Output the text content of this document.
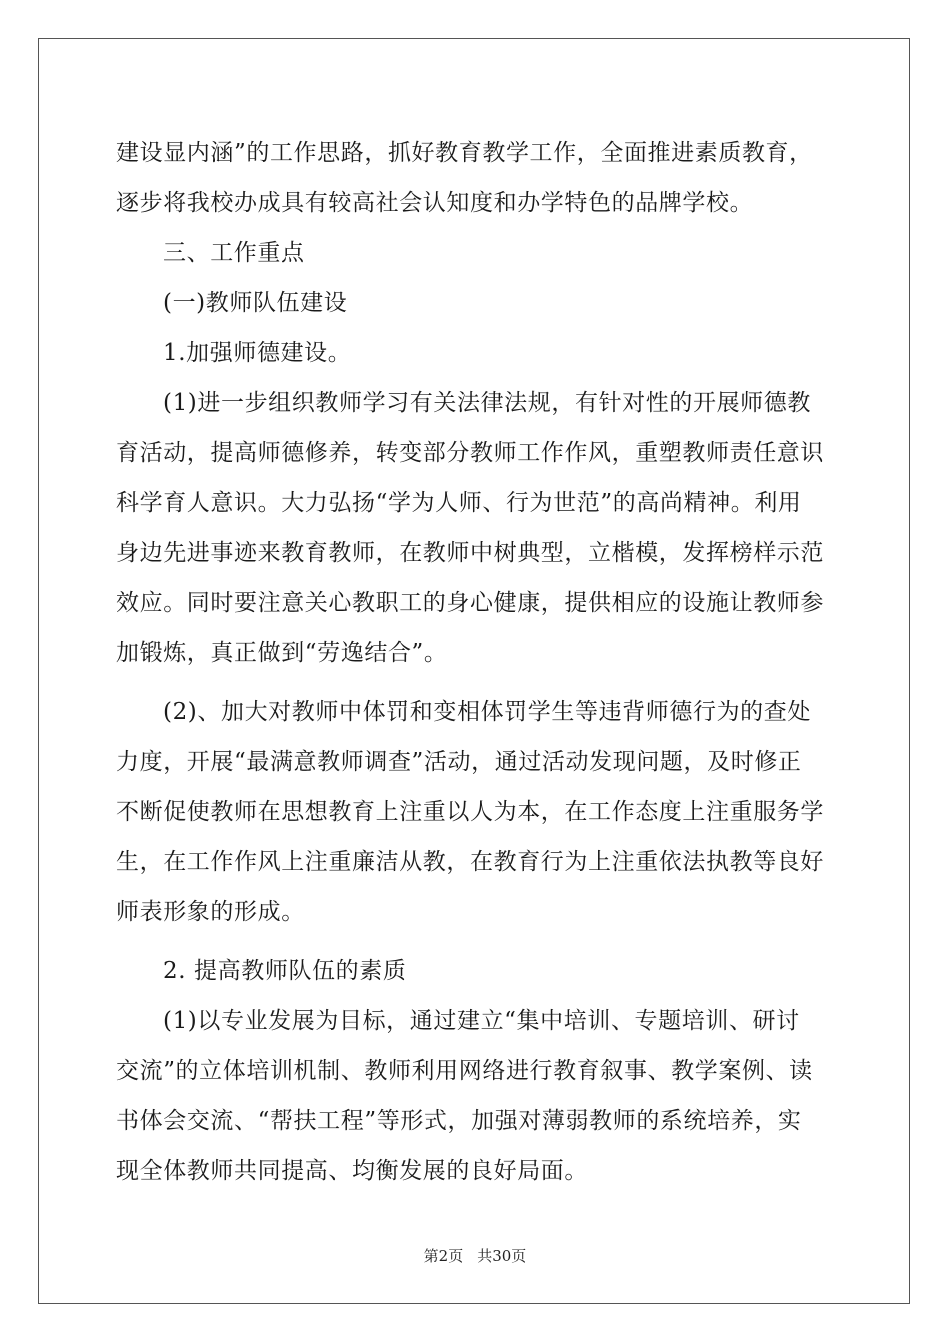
建设显内涵”的工作思路，抓好教育教学工作，全面推进素质教育，
逐步将我校办成具有较高社会认知度和办学特色的品牌学校。
三、工作重点
(一)教师队伍建设
1.加强师德建设。
(1)进一步组织教师学习有关法律法规，有针对性的开展师德教
育活动，提高师德修养，转变部分教师工作作风，重塑教师责任意识
科学育人意识。大力弘扬“学为人师、行为世范”的高尚精神。利用
身边先进事迹来教育教师，在教师中树典型，立楷模，发挥榜样示范
效应。同时要注意关心教职工的身心健康，提供相应的设施让教师参
加锻炼，真正做到“劳逸结合”。
(2)、加大对教师中体罚和变相体罚学生等违背师德行为的查处
力度，开展“最满意教师调查”活动，通过活动发现问题，及时修正
不断促使教师在思想教育上注重以人为本，在工作态度上注重服务学
生，在工作作风上注重廉洁从教，在教育行为上注重依法执教等良好
师表形象的形成。
2. 提高教师队伍的素质
(1)以专业发展为目标，通过建立“集中培训、专题培训、研讨
交流”的立体培训机制、教师利用网络进行教育叙事、教学案例、读
书体会交流、“帮扶工程”等形式，加强对薄弱教师的系统培养，实
现全体教师共同提高、均衡发展的良好局面。
第2页 共30页
